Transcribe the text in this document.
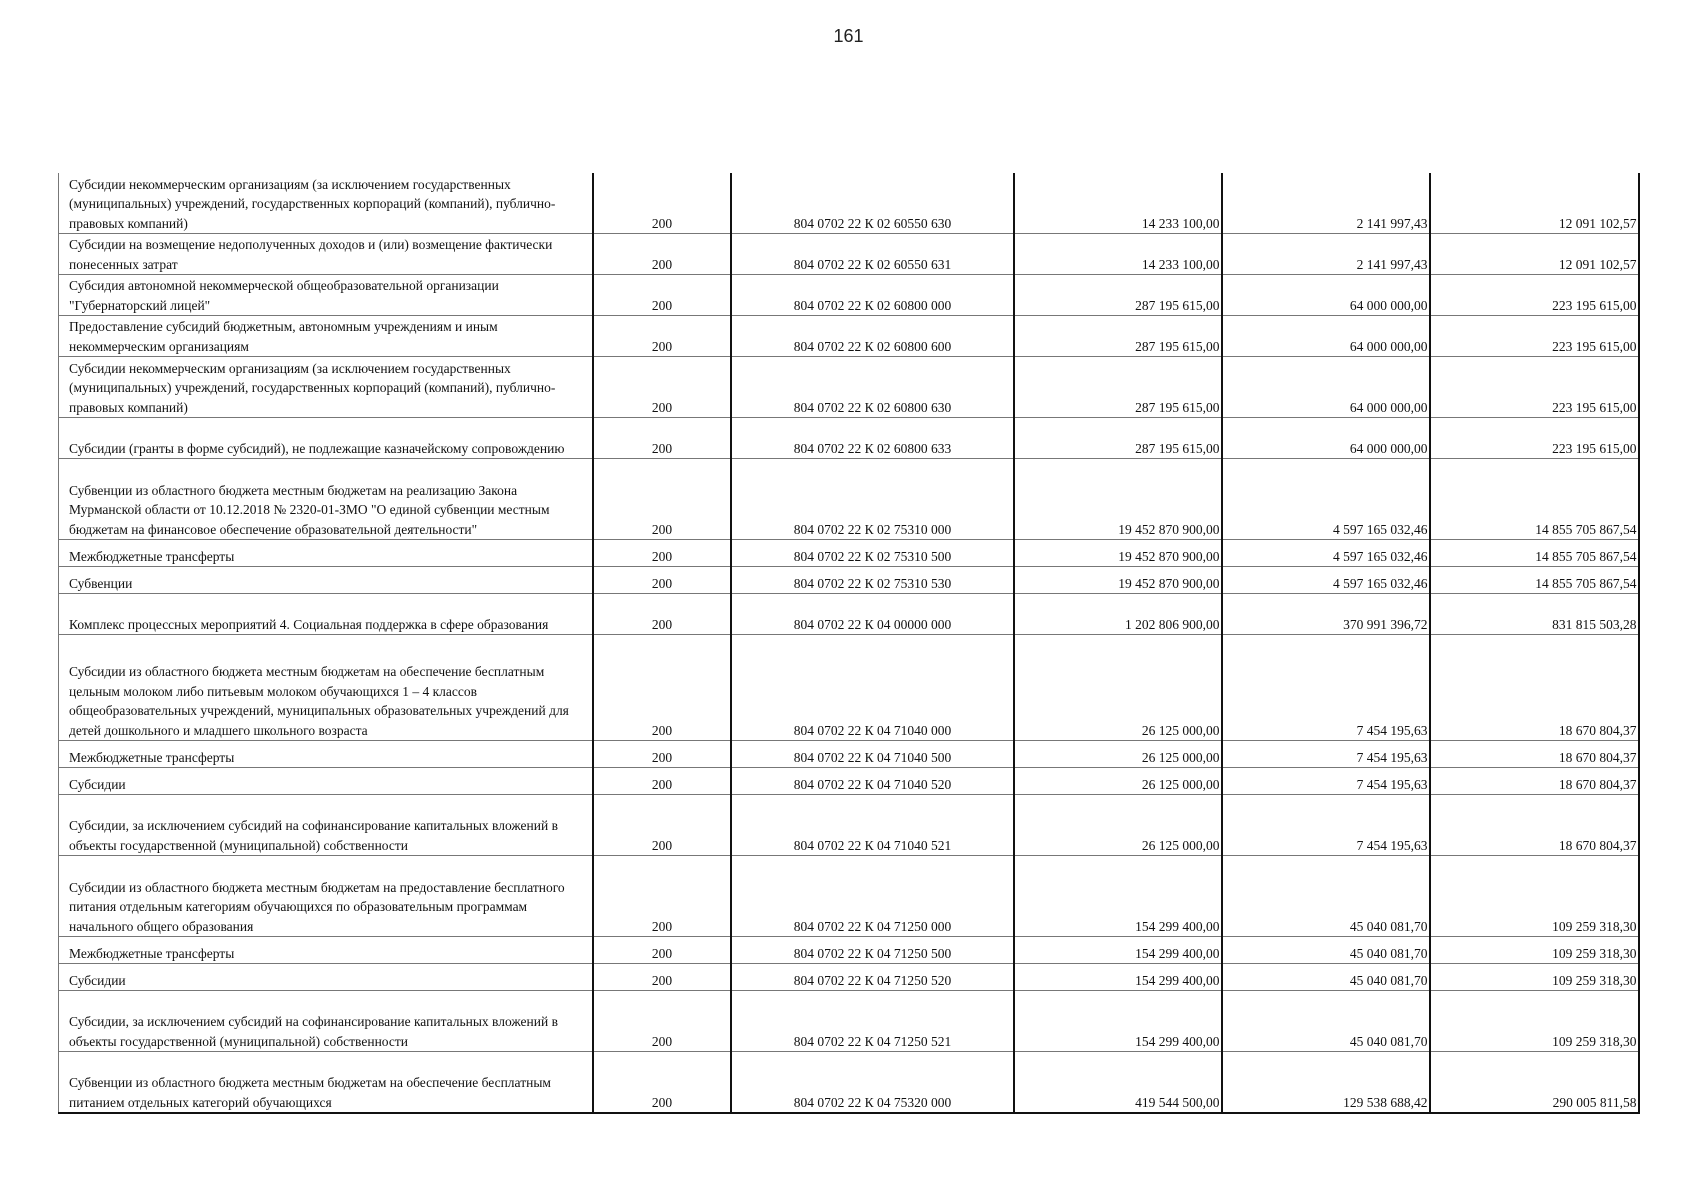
161
Субсидии некоммерческим организациям (за исключением государственных (муниципальных) учреждений, государственных корпораций (компаний), публично-правовых компаний)	200	804 0702 22 К 02 60550 630	14 233 100,00	2 141 997,43	12 091 102,57

Субсидии на возмещение недополученных доходов и (или) возмещение фактически понесенных затрат	200	804 0702 22 К 02 60550 631	14 233 100,00	2 141 997,43	12 091 102,57

Субсидия автономной некоммерческой общеобразовательной организации "Губернаторский лицей"	200	804 0702 22 К 02 60800 000	287 195 615,00	64 000 000,00	223 195 615,00

Предоставление субсидий бюджетным, автономным учреждениям и иным некоммерческим организациям	200	804 0702 22 К 02 60800 600	287 195 615,00	64 000 000,00	223 195 615,00

Субсидии некоммерческим организациям (за исключением государственных (муниципальных) учреждений, государственных корпораций (компаний), публично-правовых компаний)	200	804 0702 22 К 02 60800 630	287 195 615,00	64 000 000,00	223 195 615,00

Субсидии (гранты в форме субсидий), не подлежащие казначейскому сопровождению	200	804 0702 22 К 02 60800 633	287 195 615,00	64 000 000,00	223 195 615,00

Субвенции из областного бюджета местным бюджетам на реализацию Закона Мурманской области от 10.12.2018 № 2320-01-ЗМО "О единой субвенции местным бюджетам на финансовое обеспечение образовательной деятельности"	200	804 0702 22 К 02 75310 000	19 452 870 900,00	4 597 165 032,46	14 855 705 867,54

Межбюджетные трансферты	200	804 0702 22 К 02 75310 500	19 452 870 900,00	4 597 165 032,46	14 855 705 867,54

Субвенции	200	804 0702 22 К 02 75310 530	19 452 870 900,00	4 597 165 032,46	14 855 705 867,54

Комплекс процессных мероприятий 4. Социальная поддержка в сфере образования	200	804 0702 22 К 04 00000 000	1 202 806 900,00	370 991 396,72	831 815 503,28

Субсидии из областного бюджета местным бюджетам на обеспечение бесплатным цельным молоком либо питьевым молоком обучающихся 1 – 4 классов общеобразовательных учреждений, муниципальных образовательных учреждений для детей дошкольного и младшего школьного возраста	200	804 0702 22 К 04 71040 000	26 125 000,00	7 454 195,63	18 670 804,37

Межбюджетные трансферты	200	804 0702 22 К 04 71040 500	26 125 000,00	7 454 195,63	18 670 804,37

Субсидии	200	804 0702 22 К 04 71040 520	26 125 000,00	7 454 195,63	18 670 804,37

Субсидии, за исключением субсидий на софинансирование капитальных вложений в объекты государственной (муниципальной) собственности	200	804 0702 22 К 04 71040 521	26 125 000,00	7 454 195,63	18 670 804,37

Субсидии из областного бюджета местным бюджетам на предоставление бесплатного питания отдельным категориям обучающихся по образовательным программам начального общего образования	200	804 0702 22 К 04 71250 000	154 299 400,00	45 040 081,70	109 259 318,30

Межбюджетные трансферты	200	804 0702 22 К 04 71250 500	154 299 400,00	45 040 081,70	109 259 318,30

Субсидии	200	804 0702 22 К 04 71250 520	154 299 400,00	45 040 081,70	109 259 318,30

Субсидии, за исключением субсидий на софинансирование капитальных вложений в объекты государственной (муниципальной) собственности	200	804 0702 22 К 04 71250 521	154 299 400,00	45 040 081,70	109 259 318,30

Субвенции из областного бюджета местным бюджетам на обеспечение бесплатным питанием отдельных категорий обучающихся	200	804 0702 22 К 04 75320 000	419 544 500,00	129 538 688,42	290 005 811,58
